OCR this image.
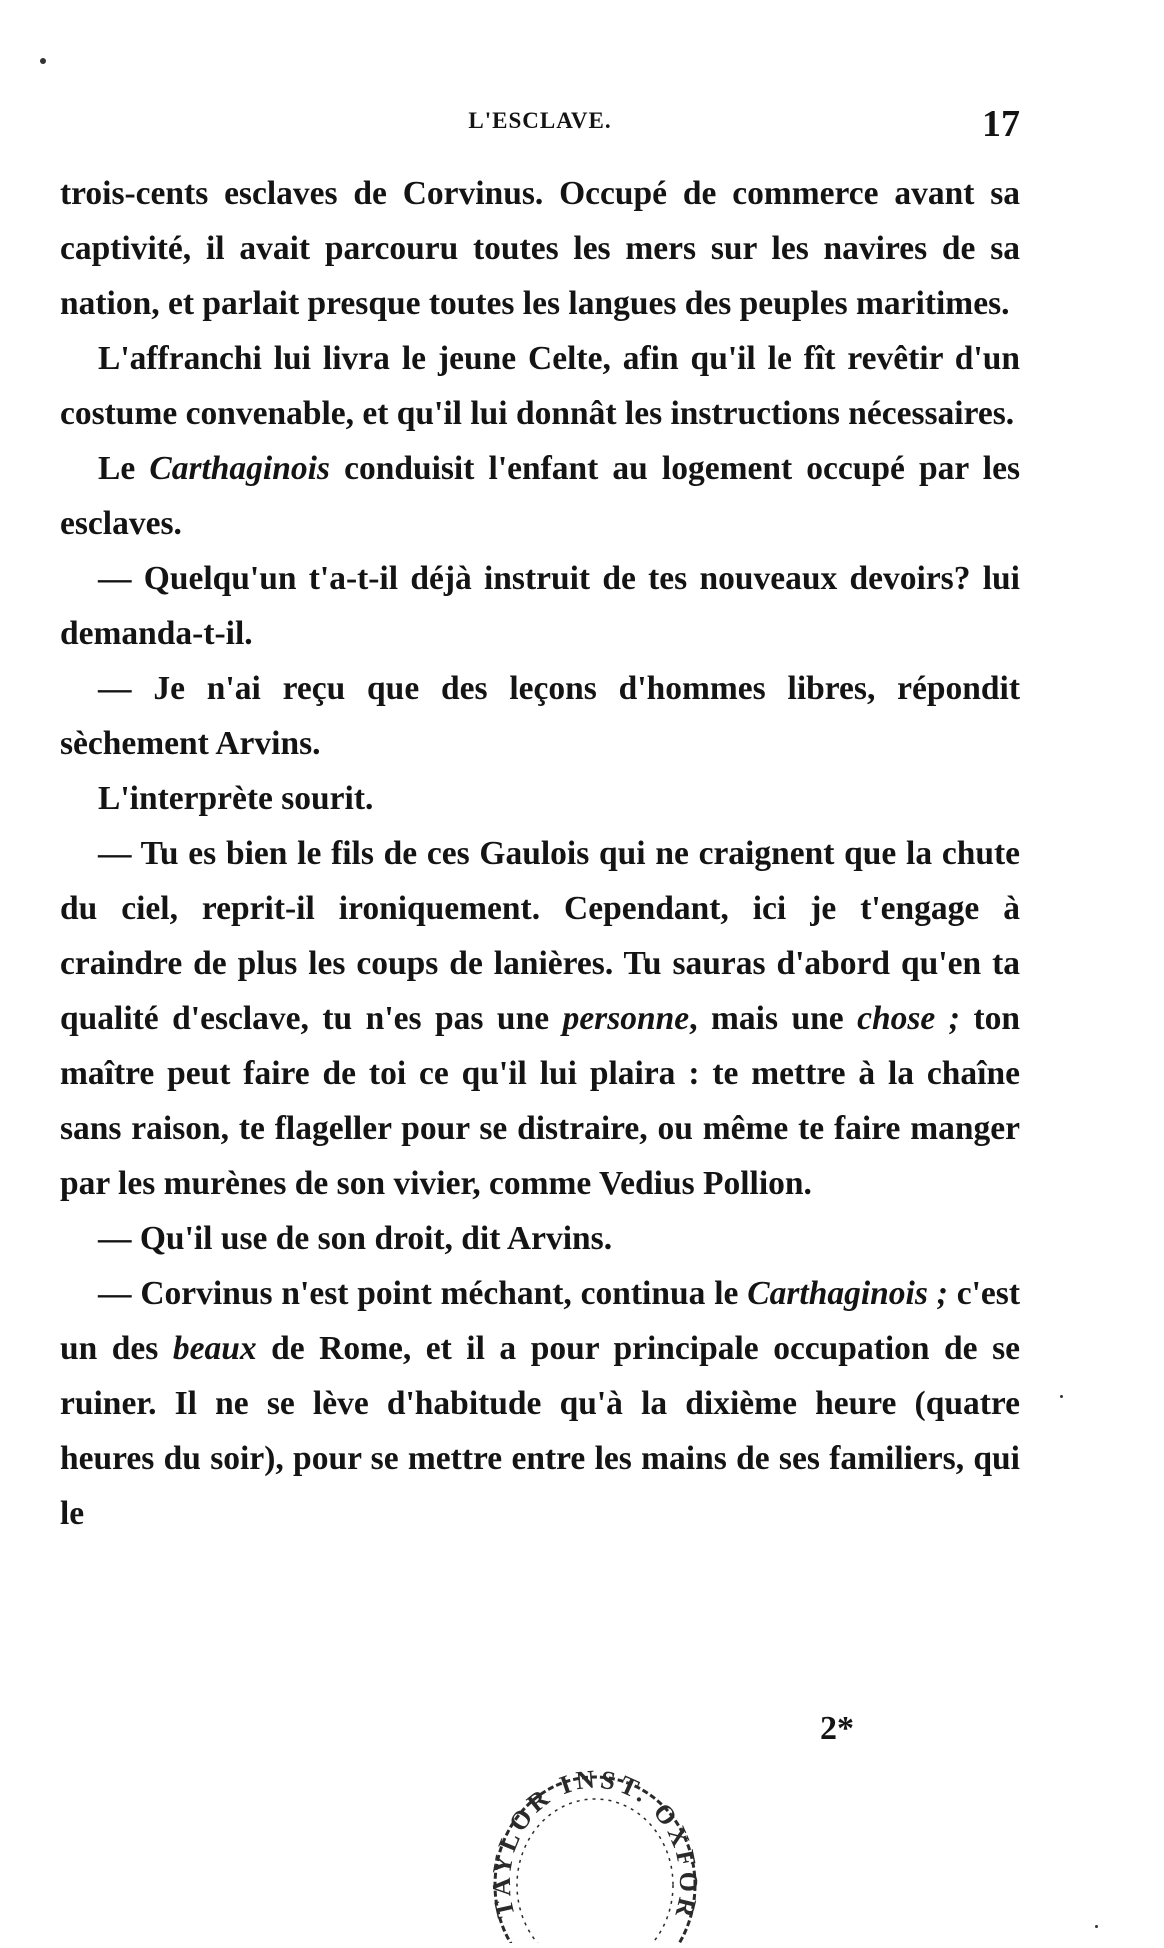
L'ESCLAVE.	17

trois-cents esclaves de Corvinus. Occupé de commerce avant sa captivité, il avait parcouru toutes les mers sur les navires de sa nation, et parlait presque toutes les langues des peuples maritimes.

L'affranchi lui livra le jeune Celte, afin qu'il le fît revêtir d'un costume convenable, et qu'il lui donnât les instructions nécessaires.

Le Carthaginois conduisit l'enfant au logement occupé par les esclaves.

— Quelqu'un t'a-t-il déjà instruit de tes nouveaux devoirs? lui demanda-t-il.

— Je n'ai reçu que des leçons d'hommes libres, répondit sèchement Arvins.

L'interprète sourit.

— Tu es bien le fils de ces Gaulois qui ne craignent que la chute du ciel, reprit-il ironiquement. Cependant, ici je t'engage à craindre de plus les coups de lanières. Tu sauras d'abord qu'en ta qualité d'esclave, tu n'es pas une personne, mais une chose ; ton maître peut faire de toi ce qu'il lui plaira : te mettre à la chaîne sans raison, te flageller pour se distraire, ou même te faire manger par les murènes de son vivier, comme Vedius Pollion.

— Qu'il use de son droit, dit Arvins.

— Corvinus n'est point méchant, continua le Carthaginois ; c'est un des beaux de Rome, et il a pour principale occupation de se ruiner. Il ne se lève d'habitude qu'à la dixième heure (quatre heures du soir), pour se mettre entre les mains de ses familiers, qui le

2*
TAYLOR INST. OXFOR
